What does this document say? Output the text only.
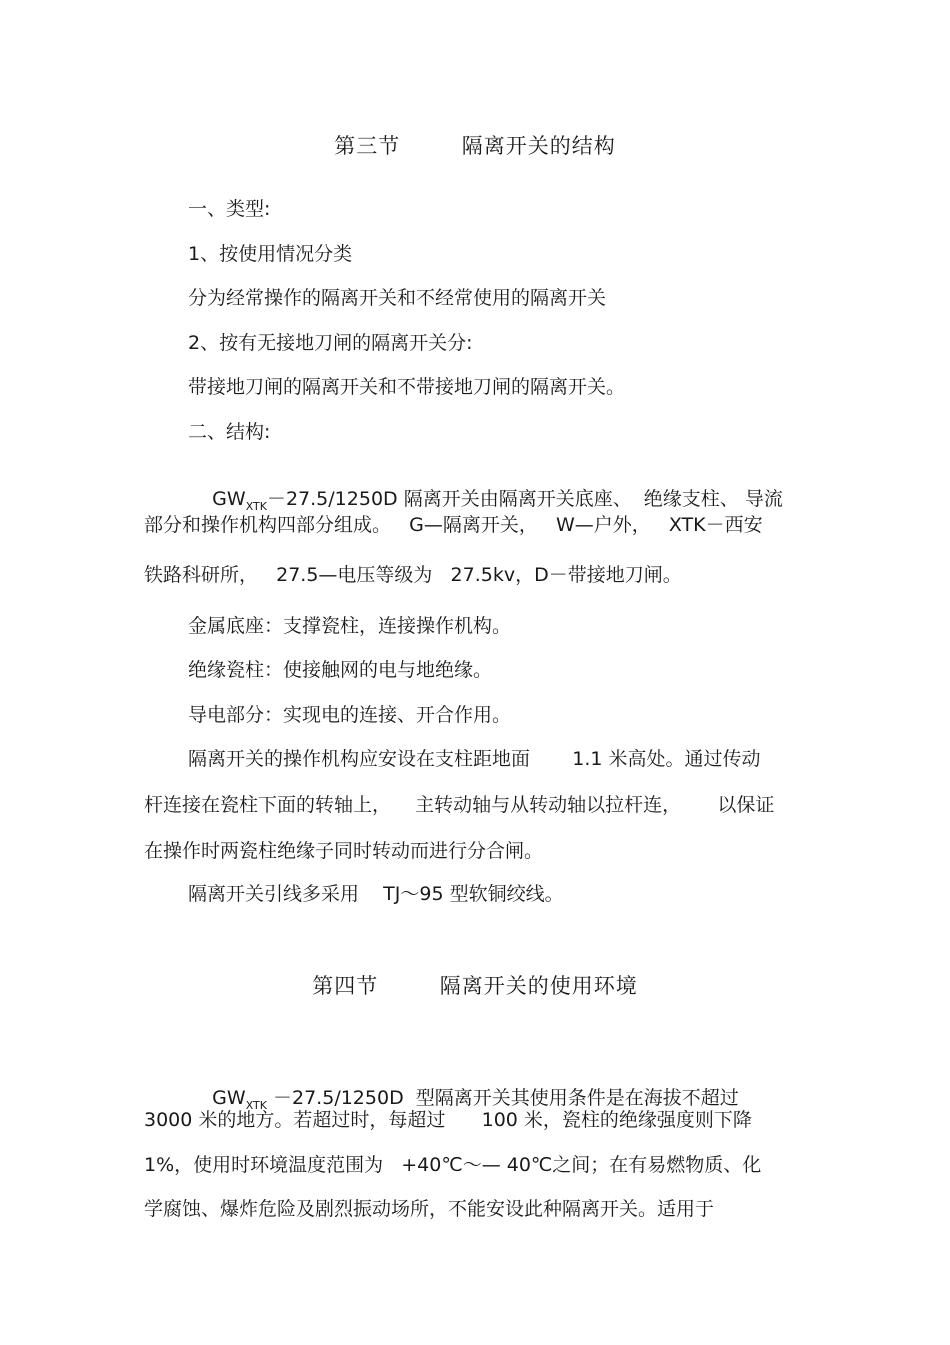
第三节        隔离开关的结构
一、类型:
1、按使用情况分类
分为经常操作的隔离开关和不经常使用的隔离开关
2、按有无接地刀闸的隔离开关分:
带接地刀闸的隔离开关和不带接地刀闸的隔离开关。
二、结构:

$GW_{XTK}-27.5/1250D$ 隔离开关由隔离开关底座、  绝缘支柱、 导流

部分和操作机构四部分组成。   G—隔离开关，   W—户外，   XTK－西安
铁路科研所，   27.5—电压等级为   27.5kv，D－带接地刀闸。
金属底座：支撑瓷柱，连接操作机构。
绝缘瓷柱：使接触网的电与地绝缘。
导电部分：实现电的连接、开合作用。
隔离开关的操作机构应安设在支柱距地面       1.1 米高处。通过传动
杆连接在瓷柱下面的转轴上，    主转动轴与从转动轴以拉杆连，      以保证
在操作时两瓷柱绝缘子同时转动而进行分合闸。
隔离开关引线多采用    TJ～95 型软铜绞线。
第四节        隔离开关的使用环境

$GW_{XTK} -27.5/1250D$  型隔离开关其使用条件是在海拔不超过

3000 米的地方。若超过时，每超过      100 米，瓷柱的绝缘强度则下降
1%，使用时环境温度范围为   +40℃～— 40℃之间；在有易燃物质、化
学腐蚀、爆炸危险及剧烈振动场所，不能安设此种隔离开关。适用于
